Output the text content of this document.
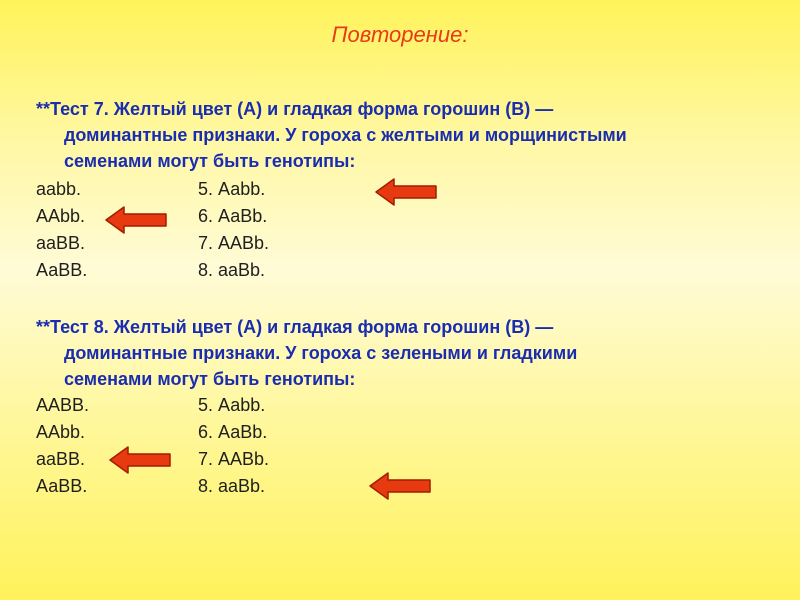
Повторение:
**Тест 7. Желтый цвет (А) и гладкая форма горошин (В) —
доминантные признаки. У гороха с желтыми и морщинистыми
семенами могут быть генотипы:
ааbb.	5. Ааbb.
ААbb.	6. АаВb.
ааВВ.	7. ААВb.
АаВВ.	8. ааВb.
**Тест 8. Желтый цвет (А) и гладкая форма горошин (В) —
доминантные признаки. У гороха с зелеными и гладкими
семенами могут быть генотипы:
ААВВ.	5. Ааbb.
ААbb.	6. АаВb.
ааВВ.	7. ААВb.
АаВВ.	8. ааВb.
